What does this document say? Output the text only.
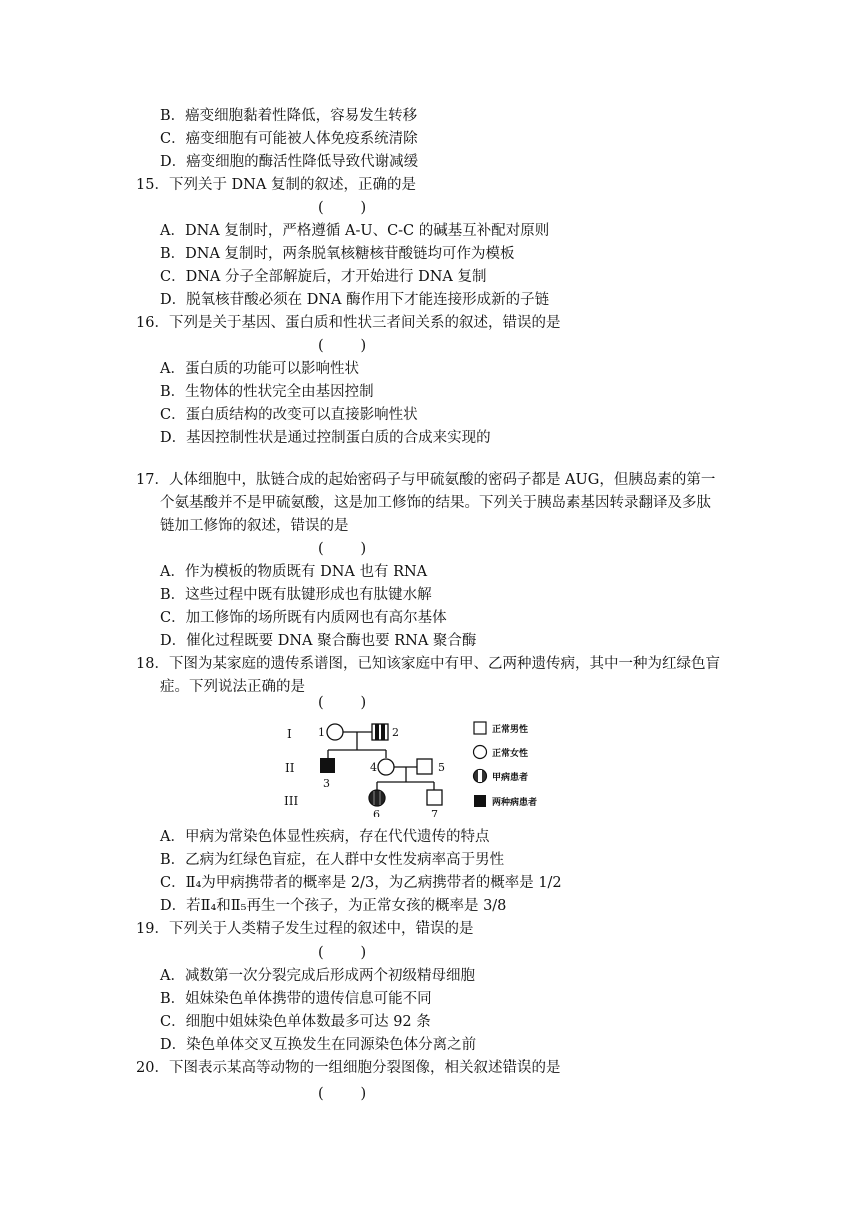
B．癌变细胞黏着性降低，容易发生转移
C．癌变细胞有可能被人体免疫系统清除
D．癌变细胞的酶活性降低导致代谢减缓
15．下列关于 DNA 复制的叙述，正确的是
(        )
A．DNA 复制时，严格遵循 A-U、C-C 的碱基互补配对原则
B．DNA 复制时，两条脱氧核糖核苷酸链均可作为模板
C．DNA 分子全部解旋后，才开始进行 DNA 复制
D．脱氧核苷酸必须在 DNA 酶作用下才能连接形成新的子链
16．下列是关于基因、蛋白质和性状三者间关系的叙述，错误的是
(        )
A．蛋白质的功能可以影响性状
B．生物体的性状完全由基因控制
C．蛋白质结构的改变可以直接影响性状
D．基因控制性状是通过控制蛋白质的合成来实现的
17．人体细胞中，肽链合成的起始密码子与甲硫氨酸的密码子都是 AUG，但胰岛素的第一
个氨基酸并不是甲硫氨酸，这是加工修饰的结果。下列关于胰岛素基因转录翻译及多肽
链加工修饰的叙述，错误的是
(        )
A．作为模板的物质既有 DNA 也有 RNA
B．这些过程中既有肽键形成也有肽键水解
C．加工修饰的场所既有内质网也有高尔基体
D．催化过程既要 DNA 聚合酶也要 RNA 聚合酶
18．下图为某家庭的遗传系谱图，已知该家庭中有甲、乙两种遗传病，其中一种为红绿色盲
症。下列说法正确的是
(        )
I
II
III
1	2
3
4	5
6	7
正常男性
正常女性
甲病患者
两种病患者
A．甲病为常染色体显性疾病，存在代代遗传的特点
B．乙病为红绿色盲症，在人群中女性发病率高于男性
C．Ⅱ₄为甲病携带者的概率是 2/3，为乙病携带者的概率是 1/2
D．若Ⅱ₄和Ⅱ₅再生一个孩子，为正常女孩的概率是 3/8
19．下列关于人类精子发生过程的叙述中，错误的是
(        )
A．减数第一次分裂完成后形成两个初级精母细胞
B．姐妹染色单体携带的遗传信息可能不同
C．细胞中姐妹染色单体数最多可达 92 条
D．染色单体交叉互换发生在同源染色体分离之前
20．下图表示某高等动物的一组细胞分裂图像，相关叙述错误的是
(        )
